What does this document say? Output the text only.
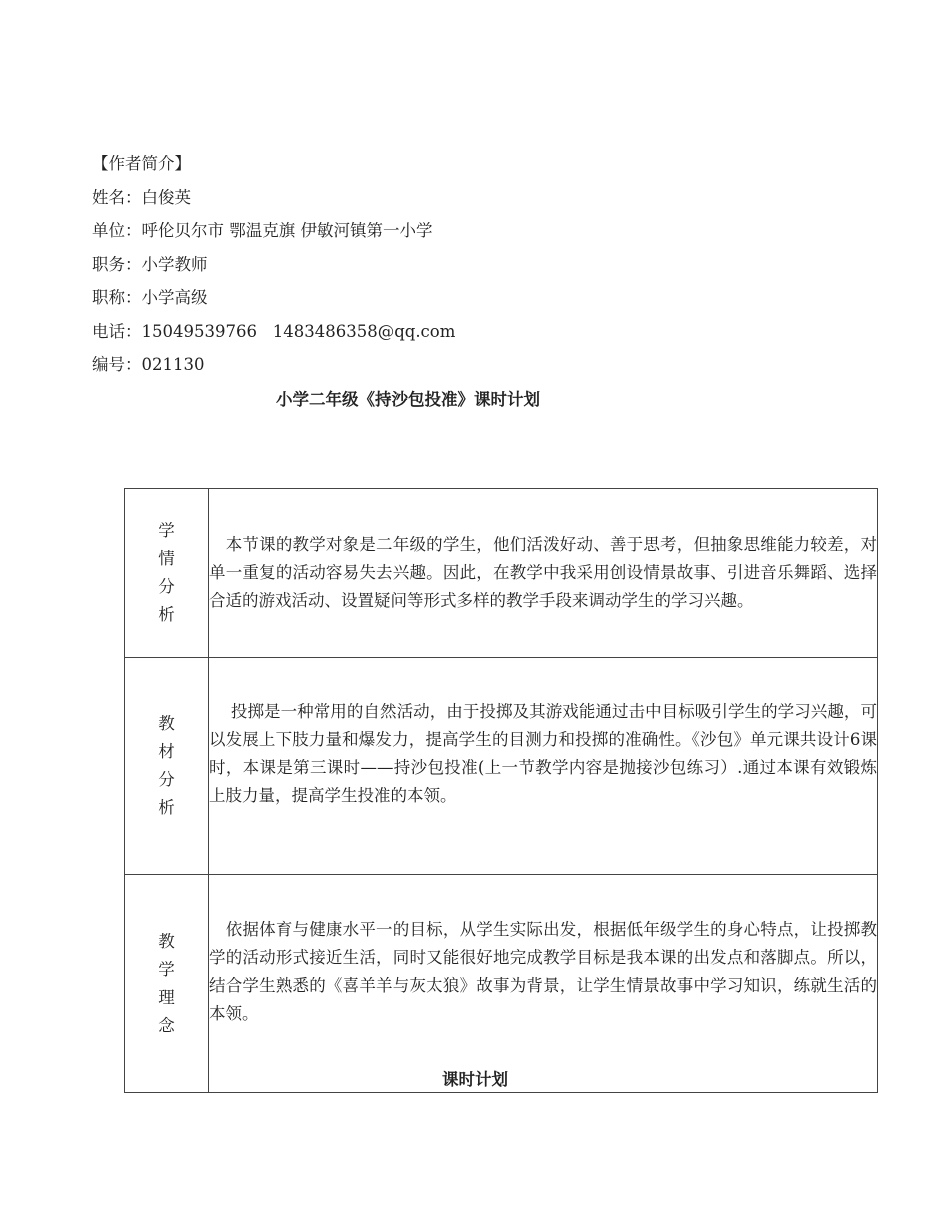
【作者简介】
姓名：白俊英
单位：呼伦贝尔市 鄂温克旗 伊敏河镇第一小学
职务：小学教师
职称：小学高级
电话：15049539766   1483486358@qq.com
编号：021130
小学二年级《持沙包投准》课时计划
学情分析	　本节课的教学对象是二年级的学生，他们活泼好动、善于思考，但抽象思维能力较差，对单一重复的活动容易失去兴趣。因此，在教学中我采用创设情景故事、引进音乐舞蹈、选择合适的游戏活动、设置疑问等形式多样的教学手段来调动学生的学习兴趣。

教材分析	　 投掷是一种常用的自然活动，由于投掷及其游戏能通过击中目标吸引学生的学习兴趣，可以发展上下肢力量和爆发力，提高学生的目测力和投掷的准确性。《沙包》单元课共设计6课时，本课是第三课时——持沙包投准(上一节教学内容是抛接沙包练习）.通过本课有效锻炼上肢力量，提高学生投准的本领。

教学理念	　依据体育与健康水平一的目标，从学生实际出发，根据低年级学生的身心特点，让投掷教学的活动形式接近生活，同时又能很好地完成教学目标是我本课的出发点和落脚点。所以，结合学生熟悉的《喜羊羊与灰太狼》故事为背景，让学生情景故事中学习知识，练就生活的本领。

课时计划
